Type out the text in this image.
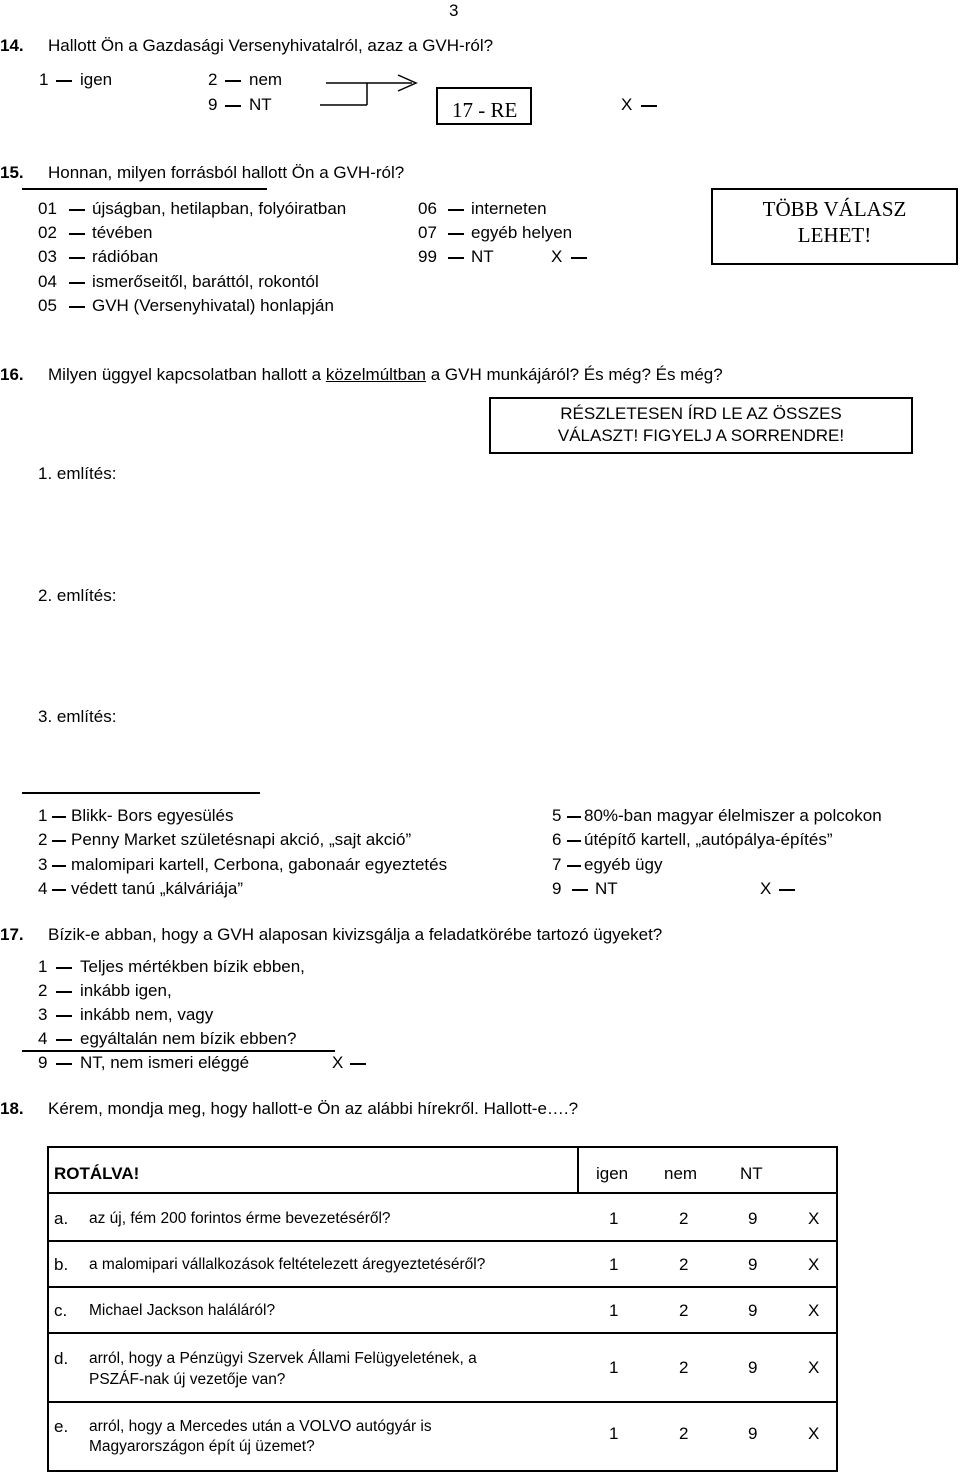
3
14. Hallott Ön a Gazdasági Versenyhivatalról, azaz a GVH-ról?
1 igen	2 nem
9 NT	17 - RE	X
15. Honnan, milyen forrásból hallott Ön a GVH-ról?
01 újságban, hetilapban, folyóiratban
02 tévében
03 rádióban
04 ismerőseitől, baráttól, rokontól
05 GVH (Versenyhivatal) honlapján
06 interneten
07 egyéb helyen
99 NT	X
TÖBB VÁLASZ
LEHET!
16. Milyen üggyel kapcsolatban hallott a közelmúltban a GVH munkájáról? És még? És még?
RÉSZLETESEN ÍRD LE AZ ÖSSZES
VÁLASZT! FIGYELJ A SORRENDRE!
1. említés:
2. említés:
3. említés:
1 Blikk- Bors egyesülés
2 Penny Market születésnapi akció, „sajt akció”
3 malomipari kartell, Cerbona, gabonaár egyeztetés
4 védett tanú „kálváriája”
5 80%-ban magyar élelmiszer a polcokon
6 útépítő kartell, „autópálya-építés”
7 egyéb ügy
9 NT	X
17. Bízik-e abban, hogy a GVH alaposan kivizsgálja a feladatkörébe tartozó ügyeket?
1 Teljes mértékben bízik ebben,
2 inkább igen,
3 inkább nem, vagy
4 egyáltalán nem bízik ebben?
9 NT, nem ismeri eléggé	X
18. Kérem, mondja meg, hogy hallott-e Ön az alábbi hírekről. Hallott-e….?
ROTÁLVA!	igen nem	NT
a. az új, fém 200 forintos érme bevezetéséről?	1	2	9	X
b. a malomipari vállalkozások feltételezett áregyeztetéséről?	1	2	9	X
c. Michael Jackson haláláról?	1	2	9	X
d. arról, hogy a Pénzügyi Szervek Állami Felügyeletének, a
PSZÁF-nak új vezetője van?
1	2	9	X
e. arról, hogy a Mercedes után a VOLVO autógyár is
Magyarországon épít új üzemet?
1	2	9	X
